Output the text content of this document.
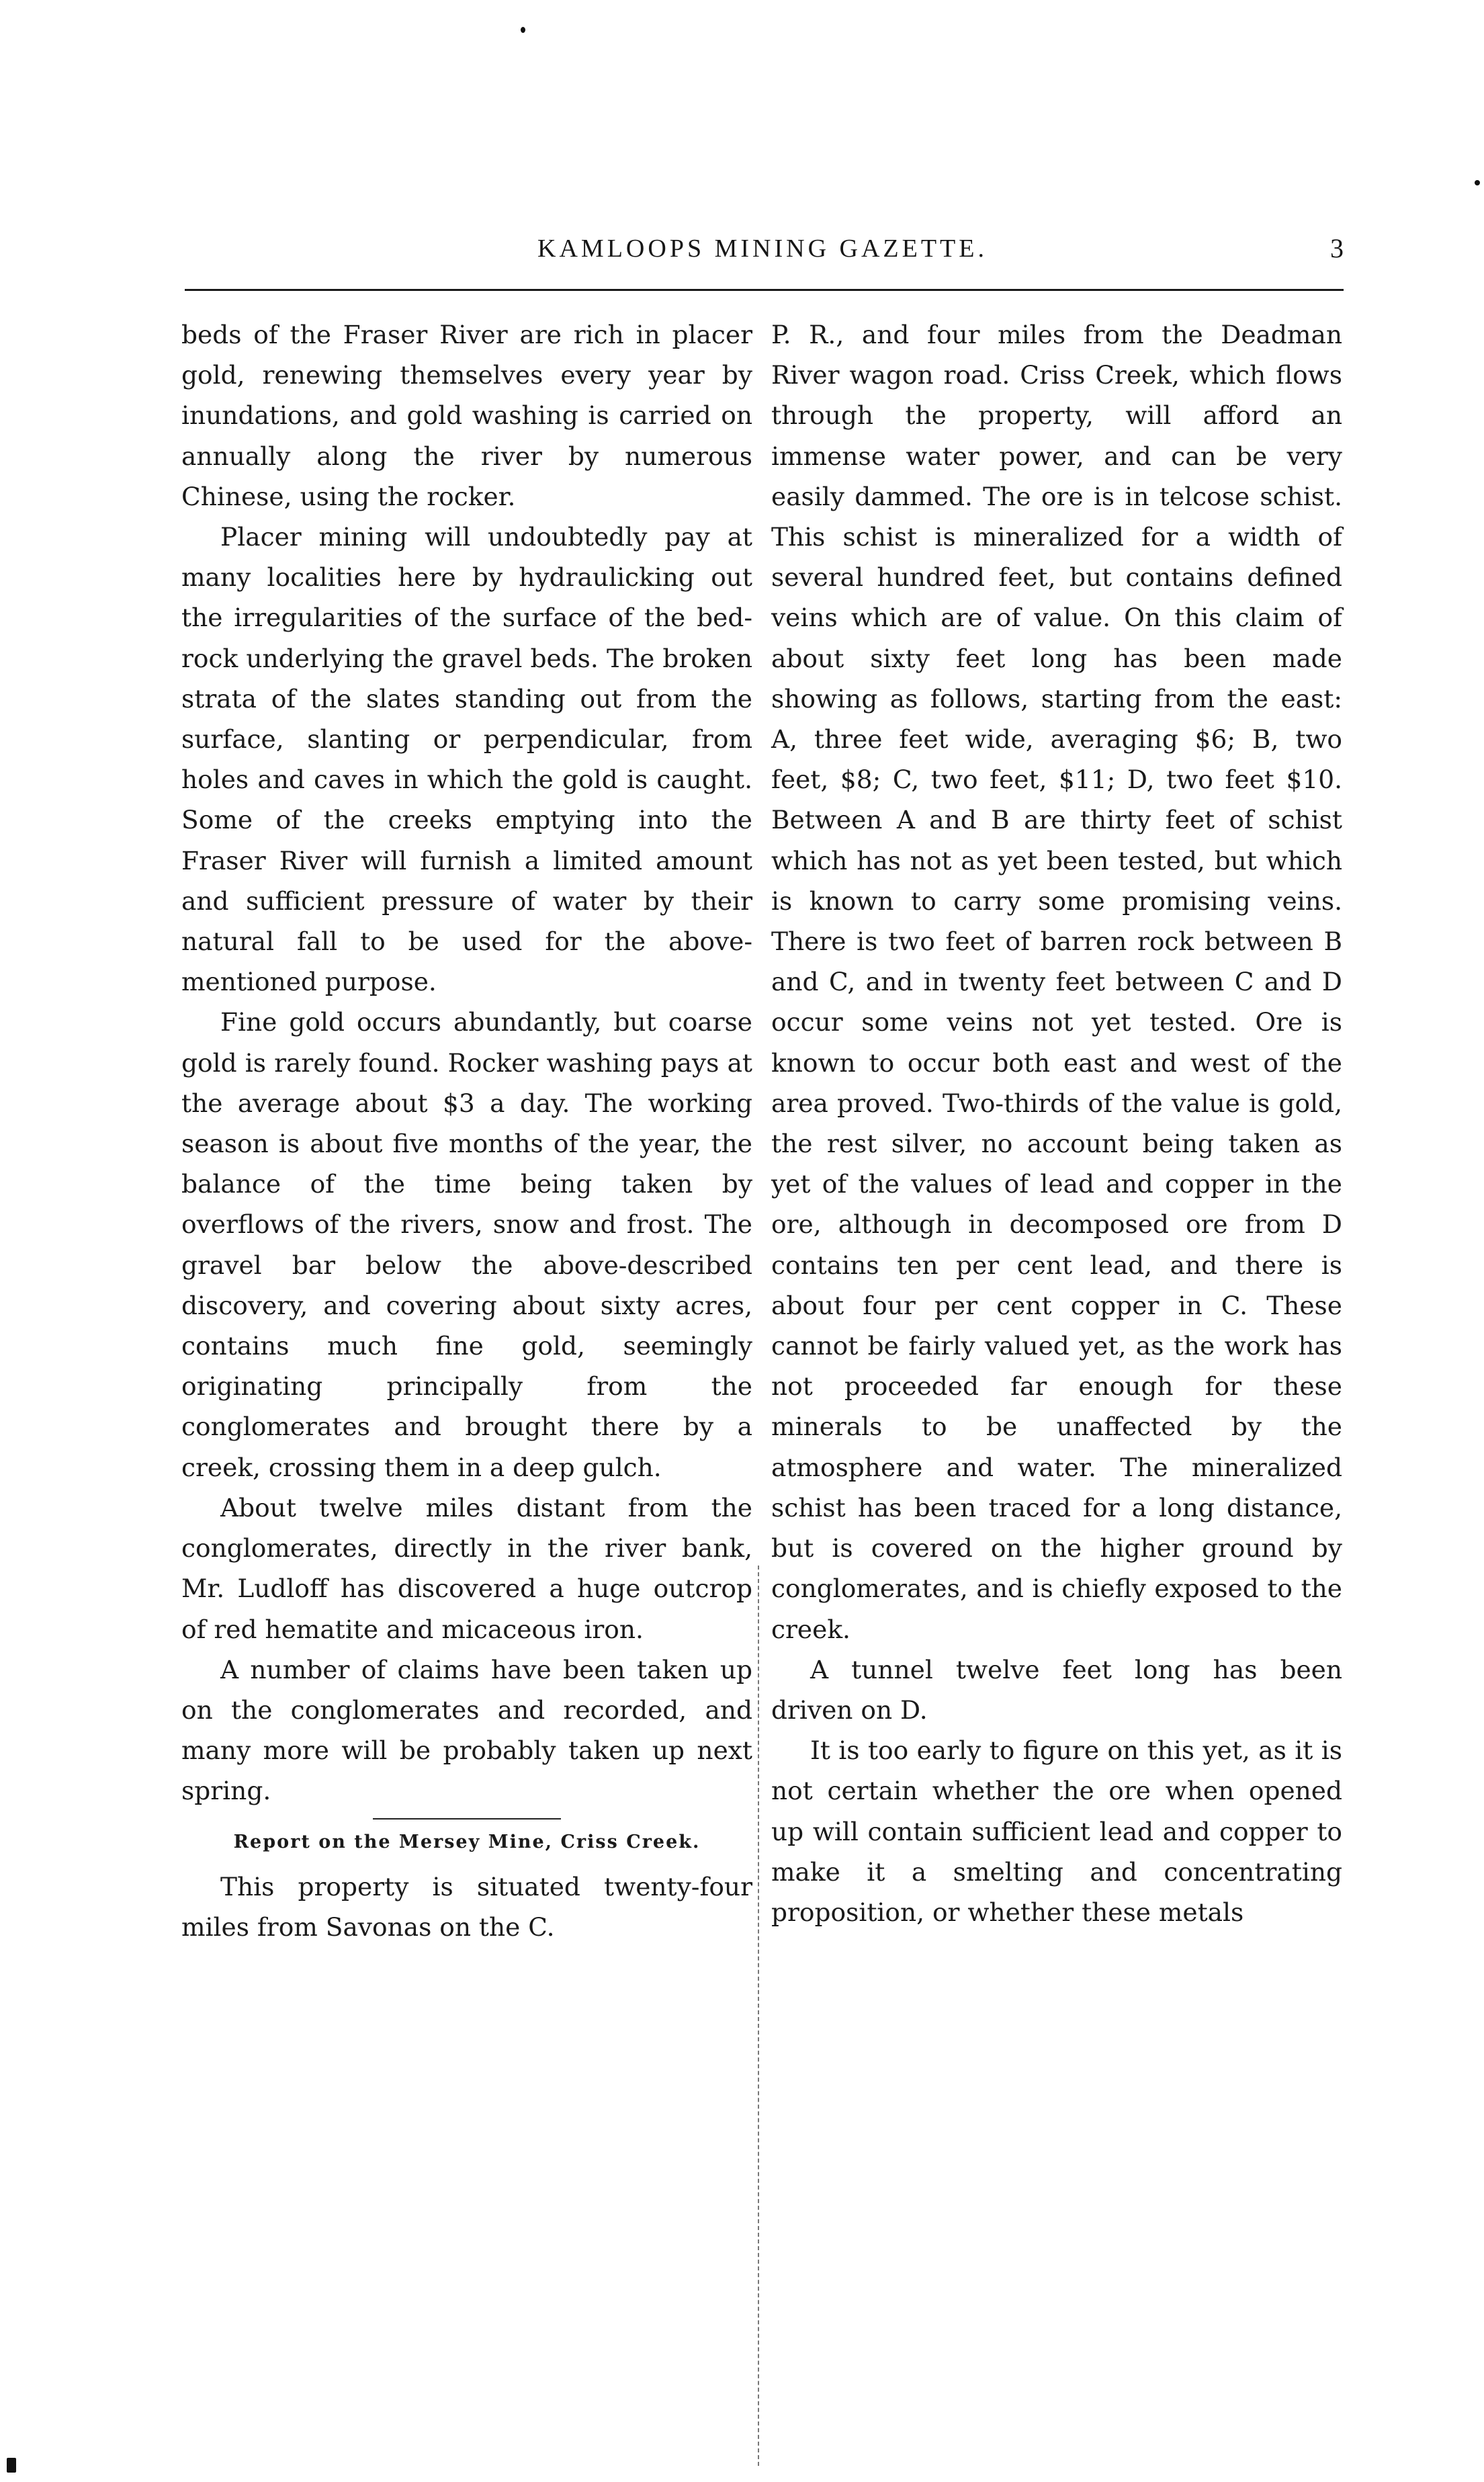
KAMLOOPS MINING GAZETTE.	3

beds of the Fraser River are rich in placer gold, renewing themselves every year by inundations, and gold washing is carried on annually along the river by numerous Chinese, using the rocker.

Placer mining will undoubtedly pay at many localities here by hydraulicking out the irregularities of the surface of the bed-rock underlying the gravel beds. The broken strata of the slates standing out from the surface, slanting or perpendicular, from holes and caves in which the gold is caught. Some of the creeks emptying into the Fraser River will furnish a limited amount and sufficient pressure of water by their natural fall to be used for the above-mentioned purpose.

Fine gold occurs abundantly, but coarse gold is rarely found. Rocker washing pays at the average about $3 a day. The working season is about five months of the year, the balance of the time being taken by overflows of the rivers, snow and frost. The gravel bar below the above-described discovery, and covering about sixty acres, contains much fine gold, seemingly originating principally from the conglomerates and brought there by a creek, crossing them in a deep gulch.

About twelve miles distant from the conglomerates, directly in the river bank, Mr. Ludloff has discovered a huge outcrop of red hematite and micaceous iron.

A number of claims have been taken up on the conglomerates and recorded, and many more will be probably taken up next spring.

Report on the Mersey Mine, Criss Creek.

This property is situated twenty-four miles from Savonas on the C.

P. R., and four miles from the Deadman River wagon road. Criss Creek, which flows through the property, will afford an immense water power, and can be very easily dammed. The ore is in telcose schist. This schist is mineralized for a width of several hundred feet, but contains defined veins which are of value. On this claim of about sixty feet long has been made showing as follows, starting from the east: A, three feet wide, averaging $6; B, two feet, $8; C, two feet, $11; D, two feet $10. Between A and B are thirty feet of schist which has not as yet been tested, but which is known to carry some promising veins. There is two feet of barren rock between B and C, and in twenty feet between C and D occur some veins not yet tested. Ore is known to occur both east and west of the area proved. Two-thirds of the value is gold, the rest silver, no account being taken as yet of the values of lead and copper in the ore, although in decomposed ore from D contains ten per cent lead, and there is about four per cent copper in C. These cannot be fairly valued yet, as the work has not proceeded far enough for these minerals to be unaffected by the atmosphere and water. The mineralized schist has been traced for a long distance, but is covered on the higher ground by conglomerates, and is chiefly exposed to the creek.

A tunnel twelve feet long has been driven on D.

It is too early to figure on this yet, as it is not certain whether the ore when opened up will contain sufficient lead and copper to make it a smelting and concentrating proposition, or whether these metals
